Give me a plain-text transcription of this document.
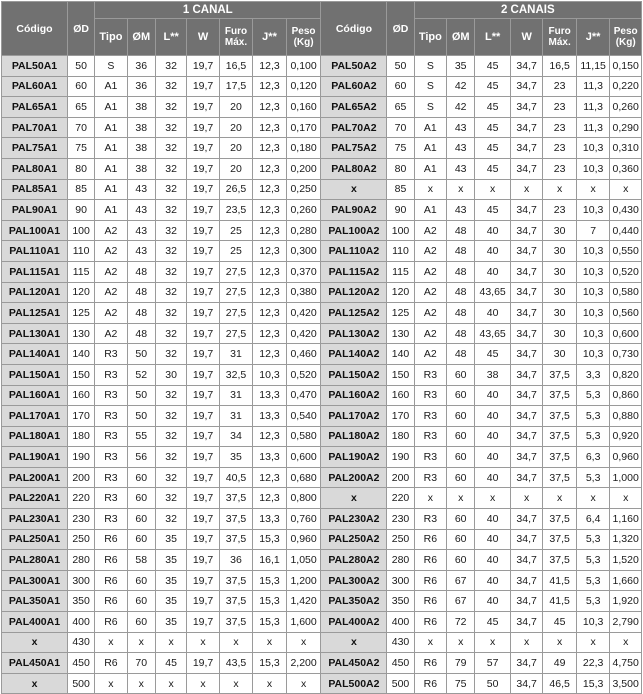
Código	ØD	1 CANAL							Código	ØD	2 CANAIS						
		Tipo	ØM	L**	W	Furo Máx.	J**	Peso (Kg)			Tipo	ØM	L**	W	Furo Máx.	J**	Peso (Kg)
PAL50A1	50	S	36	32	19,7	16,5	12,3	0,100	PAL50A2	50	S	35	45	34,7	16,5	11,15	0,150
PAL60A1	60	A1	36	32	19,7	17,5	12,3	0,120	PAL60A2	60	S	42	45	34,7	23	11,3	0,220
PAL65A1	65	A1	38	32	19,7	20	12,3	0,160	PAL65A2	65	S	42	45	34,7	23	11,3	0,260
PAL70A1	70	A1	38	32	19,7	20	12,3	0,170	PAL70A2	70	A1	43	45	34,7	23	11,3	0,290
PAL75A1	75	A1	38	32	19,7	20	12,3	0,180	PAL75A2	75	A1	43	45	34,7	23	10,3	0,310
PAL80A1	80	A1	38	32	19,7	20	12,3	0,200	PAL80A2	80	A1	43	45	34,7	23	10,3	0,360
PAL85A1	85	A1	43	32	19,7	26,5	12,3	0,250	x	85	x	x	x	x	x	x	x
PAL90A1	90	A1	43	32	19,7	23,5	12,3	0,260	PAL90A2	90	A1	43	45	34,7	23	10,3	0,430
PAL100A1	100	A2	43	32	19,7	25	12,3	0,280	PAL100A2	100	A2	48	40	34,7	30	7	0,440
PAL110A1	110	A2	43	32	19,7	25	12,3	0,300	PAL110A2	110	A2	48	40	34,7	30	10,3	0,550
PAL115A1	115	A2	48	32	19,7	27,5	12,3	0,370	PAL115A2	115	A2	48	40	34,7	30	10,3	0,520
PAL120A1	120	A2	48	32	19,7	27,5	12,3	0,380	PAL120A2	120	A2	48	43,65	34,7	30	10,3	0,580
PAL125A1	125	A2	48	32	19,7	27,5	12,3	0,420	PAL125A2	125	A2	48	40	34,7	30	10,3	0,560
PAL130A1	130	A2	48	32	19,7	27,5	12,3	0,420	PAL130A2	130	A2	48	43,65	34,7	30	10,3	0,600
PAL140A1	140	R3	50	32	19,7	31	12,3	0,460	PAL140A2	140	A2	48	45	34,7	30	10,3	0,730
PAL150A1	150	R3	52	30	19,7	32,5	10,3	0,520	PAL150A2	150	R3	60	38	34,7	37,5	3,3	0,820
PAL160A1	160	R3	50	32	19,7	31	13,3	0,470	PAL160A2	160	R3	60	40	34,7	37,5	5,3	0,860
PAL170A1	170	R3	50	32	19,7	31	13,3	0,540	PAL170A2	170	R3	60	40	34,7	37,5	5,3	0,880
PAL180A1	180	R3	55	32	19,7	34	12,3	0,580	PAL180A2	180	R3	60	40	34,7	37,5	5,3	0,920
PAL190A1	190	R3	56	32	19,7	35	13,3	0,600	PAL190A2	190	R3	60	40	34,7	37,5	6,3	0,960
PAL200A1	200	R3	60	32	19,7	40,5	12,3	0,680	PAL200A2	200	R3	60	40	34,7	37,5	5,3	1,000
PAL220A1	220	R3	60	32	19,7	37,5	12,3	0,800	x	220	x	x	x	x	x	x	x
PAL230A1	230	R3	60	32	19,7	37,5	13,3	0,760	PAL230A2	230	R3	60	40	34,7	37,5	6,4	1,160
PAL250A1	250	R6	60	35	19,7	37,5	15,3	0,960	PAL250A2	250	R6	60	40	34,7	37,5	5,3	1,320
PAL280A1	280	R6	58	35	19,7	36	16,1	1,050	PAL280A2	280	R6	60	40	34,7	37,5	5,3	1,520
PAL300A1	300	R6	60	35	19,7	37,5	15,3	1,200	PAL300A2	300	R6	67	40	34,7	41,5	5,3	1,660
PAL350A1	350	R6	60	35	19,7	37,5	15,3	1,420	PAL350A2	350	R6	67	40	34,7	41,5	5,3	1,920
PAL400A1	400	R6	60	35	19,7	37,5	15,3	1,600	PAL400A2	400	R6	72	45	34,7	45	10,3	2,790
x	430	x	x	x	x	x	x	x	x	430	x	x	x	x	x	x	x
PAL450A1	450	R6	70	45	19,7	43,5	15,3	2,200	PAL450A2	450	R6	79	57	34,7	49	22,3	4,750
x	500	x	x	x	x	x	x	x	PAL500A2	500	R6	75	50	34,7	46,5	15,3	3,500
